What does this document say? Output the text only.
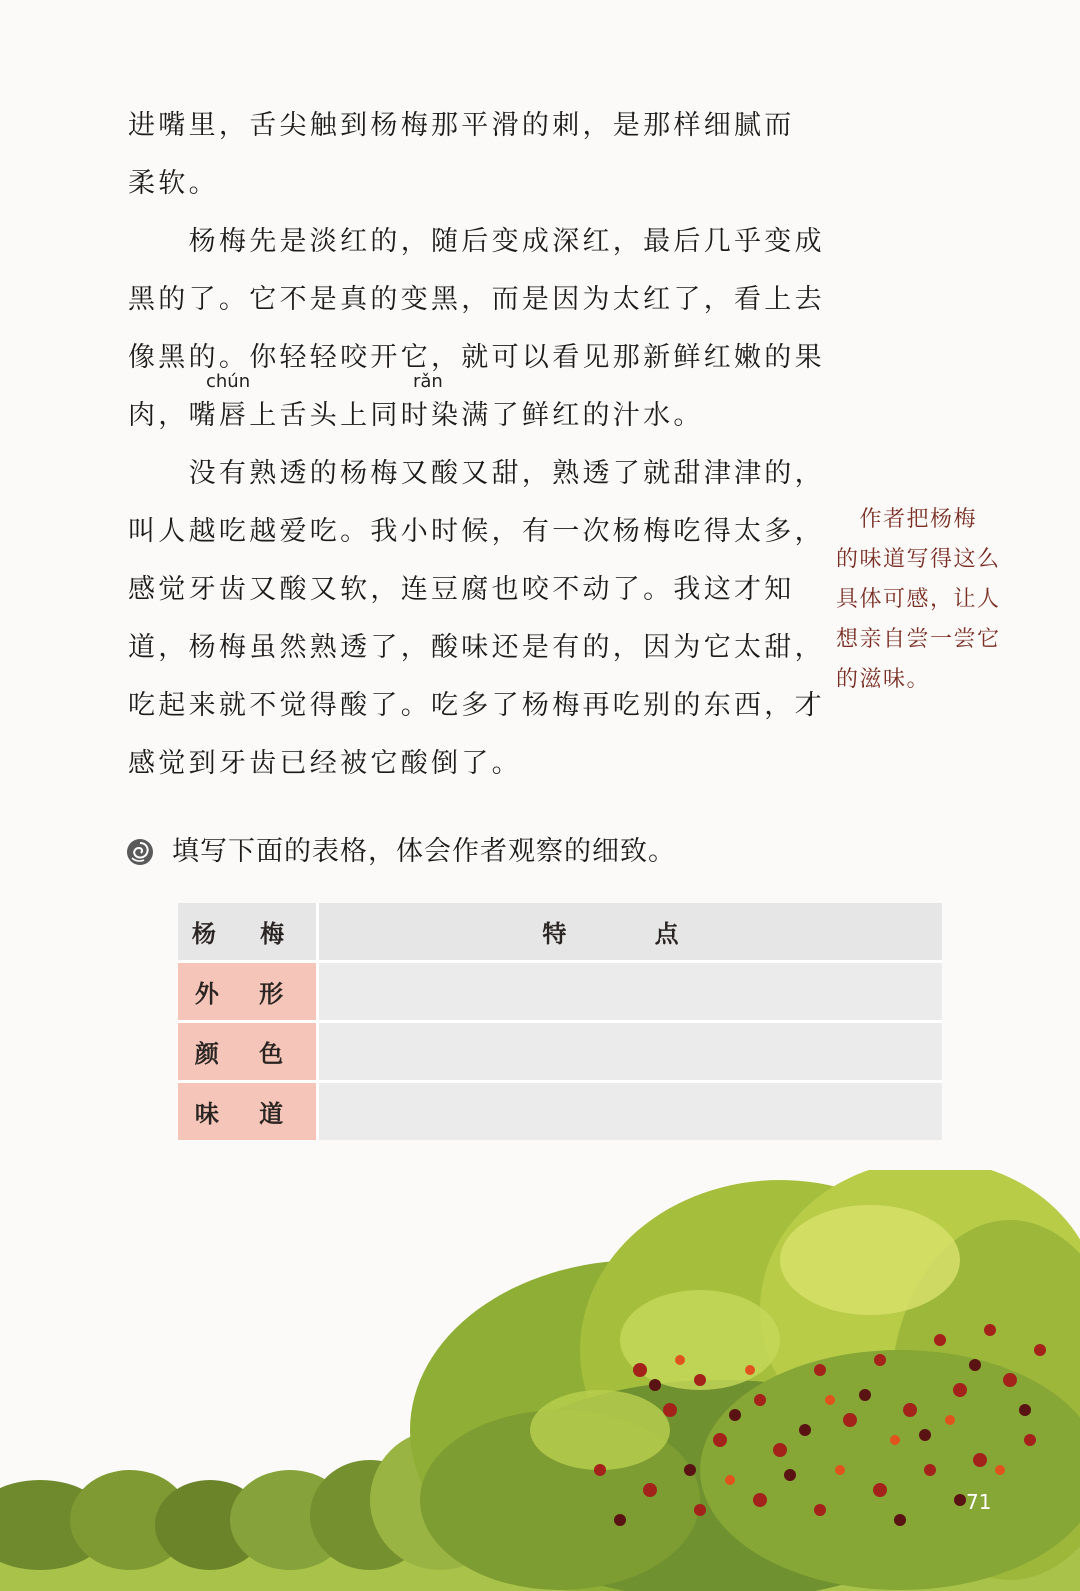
进嘴里，舌尖触到杨梅那平滑的刺，是那样细腻而
柔软。
　　杨梅先是淡红的，随后变成深红，最后几乎变成
黑的了。它不是真的变黑，而是因为太红了，看上去
像黑的。你轻轻咬开它，就可以看见那新鲜红嫩的果
chún	rǎn
肉，嘴唇上舌头上同时染满了鲜红的汁水。
　　没有熟透的杨梅又酸又甜，熟透了就甜津津的，
叫人越吃越爱吃。我小时候，有一次杨梅吃得太多，
感觉牙齿又酸又软，连豆腐也咬不动了。我这才知
道，杨梅虽然熟透了，酸味还是有的，因为它太甜，
吃起来就不觉得酸了。吃多了杨梅再吃别的东西，才
感觉到牙齿已经被它酸倒了。
　作者把杨梅
的味道写得这么
具体可感，让人
想亲自尝一尝它
的滋味。
填写下面的表格，体会作者观察的细致。
杨 梅	特 点
外 形	
颜 色	
味 道	
71
